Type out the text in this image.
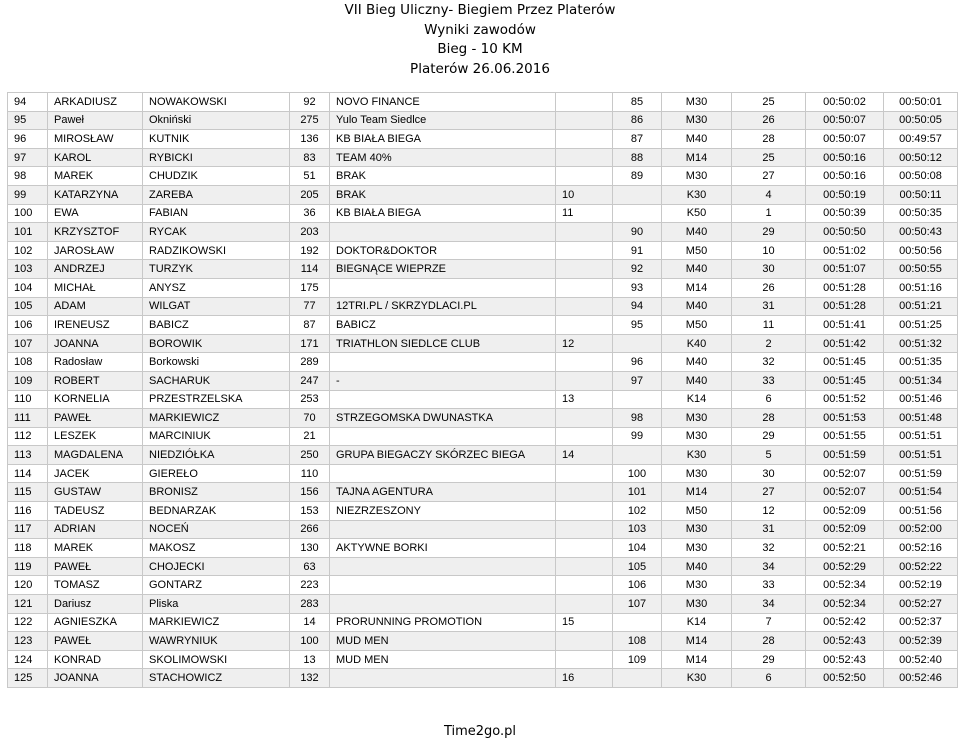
VII Bieg Uliczny- Biegiem Przez Platerów
Wyniki zawodów
Bieg - 10 KM
Platerów 26.06.2016
94	ARKADIUSZ	NOWAKOWSKI	92	NOVO FINANCE		85	M30	25	00:50:02	00:50:01
95	Paweł	Okniński	275	Yulo Team Siedlce		86	M30	26	00:50:07	00:50:05
96	MIROSŁAW	KUTNIK	136	KB BIAŁA BIEGA		87	M40	28	00:50:07	00:49:57
97	KAROL	RYBICKI	83	TEAM 40%		88	M14	25	00:50:16	00:50:12
98	MAREK	CHUDZIK	51	BRAK		89	M30	27	00:50:16	00:50:08
99	KATARZYNA	ZAREBA	205	BRAK	10		K30	4	00:50:19	00:50:11
100	EWA	FABIAN	36	KB BIAŁA BIEGA	11		K50	1	00:50:39	00:50:35
101	KRZYSZTOF	RYCAK	203			90	M40	29	00:50:50	00:50:43
102	JAROSŁAW	RADZIKOWSKI	192	DOKTOR&DOKTOR		91	M50	10	00:51:02	00:50:56
103	ANDRZEJ	TURZYK	114	BIEGNĄCE WIEPRZE		92	M40	30	00:51:07	00:50:55
104	MICHAŁ	ANYSZ	175			93	M14	26	00:51:28	00:51:16
105	ADAM	WILGAT	77	12TRI.PL / SKRZYDLACI.PL		94	M40	31	00:51:28	00:51:21
106	IRENEUSZ	BABICZ	87	BABICZ		95	M50	11	00:51:41	00:51:25
107	JOANNA	BOROWIK	171	TRIATHLON SIEDLCE CLUB	12		K40	2	00:51:42	00:51:32
108	Radosław	Borkowski	289			96	M40	32	00:51:45	00:51:35
109	ROBERT	SACHARUK	247	-		97	M40	33	00:51:45	00:51:34
110	KORNELIA	PRZESTRZELSKA	253		13		K14	6	00:51:52	00:51:46
111	PAWEŁ	MARKIEWICZ	70	STRZEGOMSKA DWUNASTKA		98	M30	28	00:51:53	00:51:48
112	LESZEK	MARCINIUK	21			99	M30	29	00:51:55	00:51:51
113	MAGDALENA	NIEDZIÓŁKA	250	GRUPA BIEGACZY SKÓRZEC BIEGA	14		K30	5	00:51:59	00:51:51
114	JACEK	GIEREŁO	110			100	M30	30	00:52:07	00:51:59
115	GUSTAW	BRONISZ	156	TAJNA AGENTURA		101	M14	27	00:52:07	00:51:54
116	TADEUSZ	BEDNARZAK	153	NIEZRZESZONY		102	M50	12	00:52:09	00:51:56
117	ADRIAN	NOCEŃ	266			103	M30	31	00:52:09	00:52:00
118	MAREK	MAKOSZ	130	AKTYWNE BORKI		104	M30	32	00:52:21	00:52:16
119	PAWEŁ	CHOJECKI	63			105	M40	34	00:52:29	00:52:22
120	TOMASZ	GONTARZ	223			106	M30	33	00:52:34	00:52:19
121	Dariusz	Pliska	283			107	M30	34	00:52:34	00:52:27
122	AGNIESZKA	MARKIEWICZ	14	PRORUNNING PROMOTION	15		K14	7	00:52:42	00:52:37
123	PAWEŁ	WAWRYNIUK	100	MUD MEN		108	M14	28	00:52:43	00:52:39
124	KONRAD	SKOLIMOWSKI	13	MUD MEN		109	M14	29	00:52:43	00:52:40
125	JOANNA	STACHOWICZ	132		16		K30	6	00:52:50	00:52:46
Time2go.pl
